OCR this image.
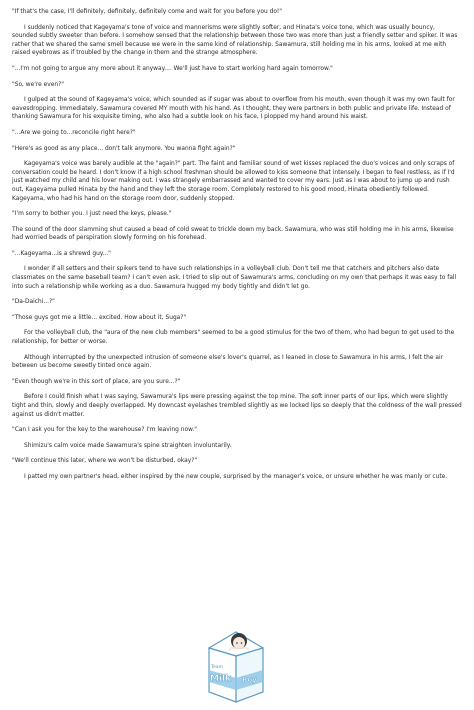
"If that's the case, I'll definitely, definitely, definitely come and wait for you before you do!"

I suddenly noticed that Kageyama's tone of voice and mannerisms were slightly softer, and Hinata's voice tone, which was usually bouncy, sounded subtly sweeter than before. I somehow sensed that the relationship between those two was more than just a friendly setter and spiker. It was rather that we shared the same smell because we were in the same kind of relationship. Sawamura, still holding me in his arms, looked at me with raised eyebrows as if troubled by the change in them and the strange atmosphere.

"...I'm not going to argue any more about it anyway.... We'll just have to start working hard again tomorrow."

"So, we're even?"

I gulped at the sound of Kageyama's voice, which sounded as if sugar was about to overflow from his mouth, even though it was my own fault for eavesdropping. Immediately, Sawamura covered MY mouth with his hand. As I thought, they were partners in both public and private life. Instead of thanking Sawamura for his exquisite timing, who also had a subtle look on his face, I plopped my hand around his waist.

"...Are we going to...reconcile right here?"

"Here's as good as any place... don't talk anymore. You wanna fight again?"

Kageyama's voice was barely audible at the "again?" part. The faint and familiar sound of wet kisses replaced the duo's voices and only scraps of conversation could be heard. I don't know if a high school freshman should be allowed to kiss someone that intensely. I began to feel restless, as if I'd just watched my child and his lover making out. I was strangely embarrassed and wanted to cover my ears. Just as I was about to jump up and rush out, Kageyama pulled Hinata by the hand and they left the storage room. Completely restored to his good mood, Hinata obediently followed. Kageyama, who had his hand on the storage room door, suddenly stopped.

"I'm sorry to bother you. I just need the keys, please."

The sound of the door slamming shut caused a bead of cold sweat to trickle down my back. Sawamura, who was still holding me in his arms, likewise had worried beads of perspiration slowly forming on his forehead.

"...Kageyama...is a shrewd guy..."

I wonder if all setters and their spikers tend to have such relationships in a volleyball club. Don't tell me that catchers and pitchers also date classmates on the same baseball team? I can't even ask. I tried to slip out of Sawamura's arms, concluding on my own that perhaps it was easy to fall into such a relationship while working as a duo. Sawamura hugged my body tightly and didn't let go.

"Da-Daichi...?"

"Those guys got me a little... excited. How about it, Suga?"

For the volleyball club, the "aura of the new club members" seemed to be a good stimulus for the two of them, who had begun to get used to the relationship, for better or worse.

Although interrupted by the unexpected intrusion of someone else's lover's quarrel, as I leaned in close to Sawamura in his arms, I felt the air between us become sweetly tinted once again.

"Even though we're in this sort of place, are you sure...?"

Before I could finish what I was saying, Sawamura's lips were pressing against the top mine. The soft inner parts of our lips, which were slightly tight and thin, slowly and deeply overlapped. My downcast eyelashes trembled slightly as we locked lips so deeply that the coldness of the wall pressed against us didn't matter.

"Can I ask you for the key to the warehouse? I'm leaving now."

Shimizu's calm voice made Sawamura's spine straighten involuntarily.

"We'll continue this later, where we won't be disturbed, okay?"

I patted my own partner's head, either inspired by the new couple, surprised by the manager's voice, or unsure whether he was manly or cute.

Team
Milk Boy
